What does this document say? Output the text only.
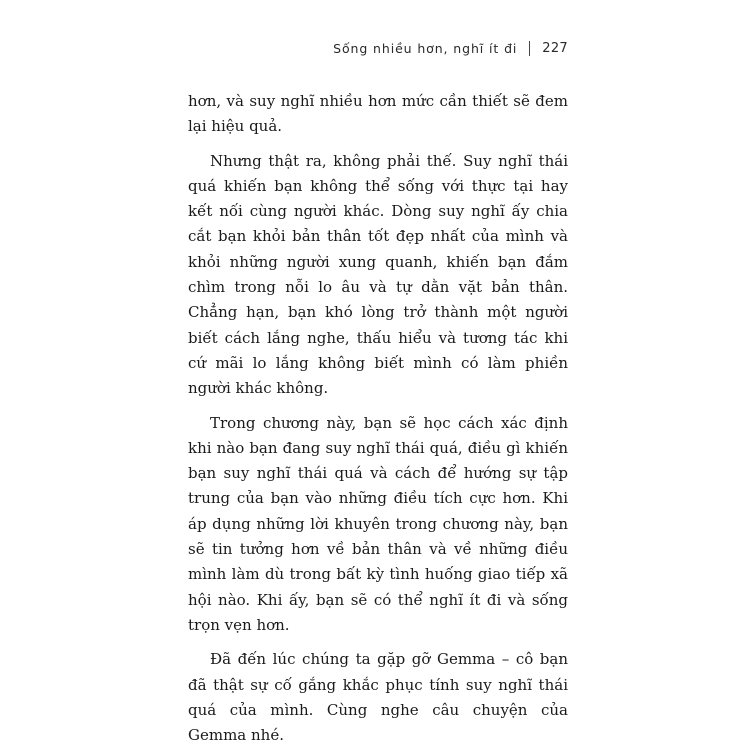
Sống nhiều hơn, nghĩ ít đi 227

hơn, và suy nghĩ nhiều hơn mức cần thiết sẽ đem lại hiệu quả.

Nhưng thật ra, không phải thế. Suy nghĩ thái quá khiến bạn không thể sống với thực tại hay kết nối cùng người khác. Dòng suy nghĩ ấy chia cắt bạn khỏi bản thân tốt đẹp nhất của mình và khỏi những người xung quanh, khiến bạn đắm chìm trong nỗi lo âu và tự dằn vặt bản thân. Chẳng hạn, bạn khó lòng trở thành một người biết cách lắng nghe, thấu hiểu và tương tác khi cứ mãi lo lắng không biết mình có làm phiền người khác không.

Trong chương này, bạn sẽ học cách xác định khi nào bạn đang suy nghĩ thái quá, điều gì khiến bạn suy nghĩ thái quá và cách để hướng sự tập trung của bạn vào những điều tích cực hơn. Khi áp dụng những lời khuyên trong chương này, bạn sẽ tin tưởng hơn về bản thân và về những điều mình làm dù trong bất kỳ tình huống giao tiếp xã hội nào. Khi ấy, bạn sẽ có thể nghĩ ít đi và sống trọn vẹn hơn.

Đã đến lúc chúng ta gặp gỡ Gemma – cô bạn đã thật sự cố gắng khắc phục tính suy nghĩ thái quá của mình. Cùng nghe câu chuyện của Gemma nhé.
